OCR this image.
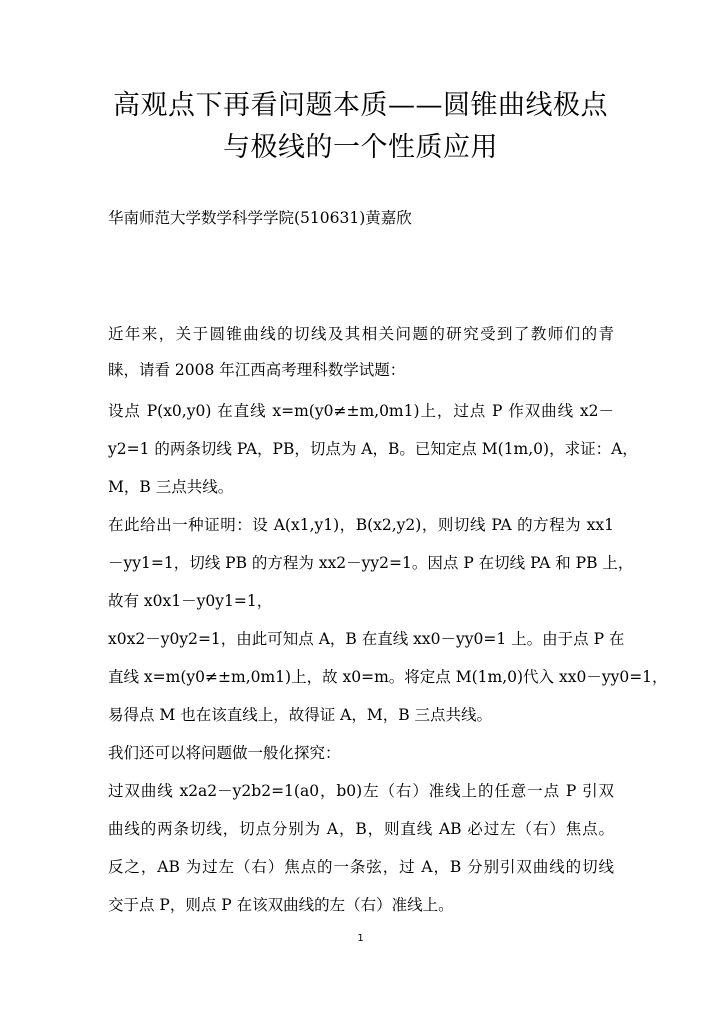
高观点下再看问题本质——圆锥曲线极点
与极线的一个性质应用
华南师范大学数学科学学院(510631)黄嘉欣
近年来，关于圆锥曲线的切线及其相关问题的研究受到了教师们的青
睐，请看 2008 年江西高考理科数学试题：
设点 P(x0,y0) 在直线 x=m(y0≠±m,0m1)上，过点 P 作双曲线 x2－
y2=1 的两条切线 PA，PB，切点为 A，B。已知定点 M(1m,0)，求证：A，
M，B 三点共线。
在此给出一种证明：设 A(x1,y1)，B(x2,y2)，则切线 PA 的方程为 xx1
－yy1=1，切线 PB 的方程为 xx2－yy2=1。因点 P 在切线 PA 和 PB 上，
故有 x0x1－y0y1=1，
x0x2－y0y2=1，由此可知点 A，B 在直线 xx0－yy0=1 上。由于点 P 在
直线 x=m(y0≠±m,0m1)上，故 x0=m。将定点 M(1m,0)代入 xx0－yy0=1，
易得点 M 也在该直线上，故得证 A，M，B 三点共线。
我们还可以将问题做一般化探究：
过双曲线 x2a2－y2b2=1(a0，b0)左（右）准线上的任意一点 P 引双
曲线的两条切线，切点分别为 A，B，则直线 AB 必过左（右）焦点。
反之，AB 为过左（右）焦点的一条弦，过 A，B 分别引双曲线的切线
交于点 P，则点 P 在该双曲线的左（右）准线上。
1
